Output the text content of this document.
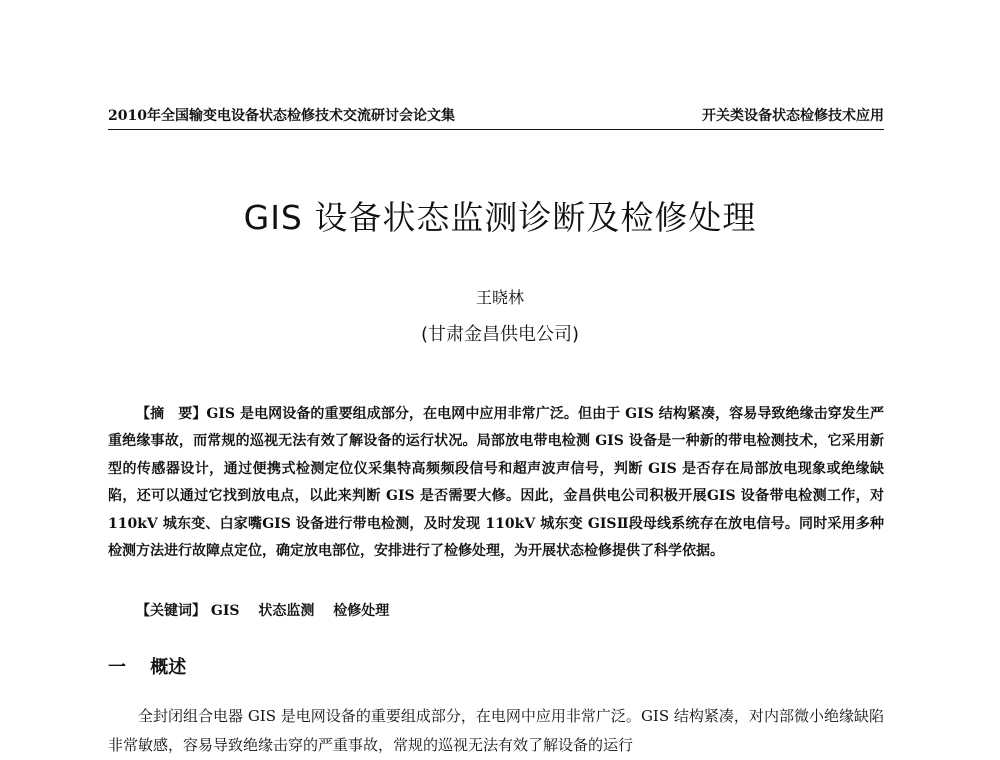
2010年全国输变电设备状态检修技术交流研讨会论文集	开关类设备状态检修技术应用
GIS 设备状态监测诊断及检修处理
王晓林
(甘肃金昌供电公司)

【摘　要】GIS 是电网设备的重要组成部分，在电网中应用非常广泛。但由于 GIS 结构紧凑，容易导致绝缘击穿发生严重绝缘事故，而常规的巡视无法有效了解设备的运行状况。局部放电带电检测 GIS 设备是一种新的带电检测技术，它采用新型的传感器设计，通过便携式检测定位仪采集特高频频段信号和超声波声信号，判断 GIS 是否存在局部放电现象或绝缘缺陷，还可以通过它找到放电点，以此来判断 GIS 是否需要大修。因此，金昌供电公司积极开展GIS 设备带电检测工作，对 110kV 城东变、白家嘴GIS 设备进行带电检测，及时发现 110kV 城东变 GISⅡ段母线系统存在放电信号。同时采用多种检测方法进行故障点定位，确定放电部位，安排进行了检修处理，为开展状态检修提供了科学依据。

【关键词】 GIS 状态监测 检修处理
一 概述

全封闭组合电器 GIS 是电网设备的重要组成部分，在电网中应用非常广泛。GIS 结构紧凑，对内部微小绝缘缺陷非常敏感，容易导致绝缘击穿的严重事故，常规的巡视无法有效了解设备的运行
